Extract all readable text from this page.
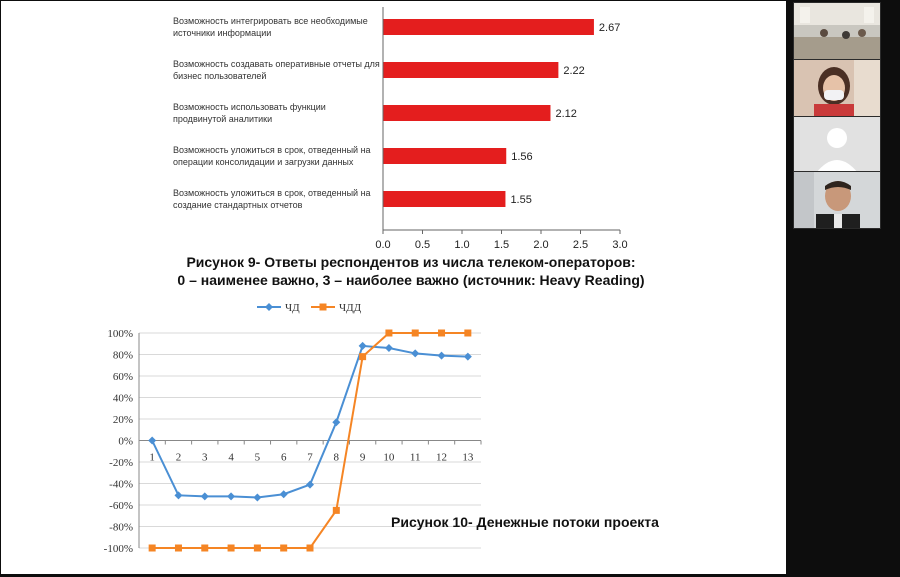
Возможность интегрировать все необходимые источники информации	2.67
Возможность создавать оперативные отчеты для бизнес пользователей	2.22
Возможность использовать функции продвинутой аналитики	2.12
Возможность уложиться в срок, отведенный на операции консолидации и загрузки данных	1.56
Возможность уложиться в срок, отведенный на создание стандартных отчетов	1.55
0.0 0.5 1.0 1.5 2.0 2.5 3.0
Рисунок 9- Ответы респондентов из числа телеком-операторов:
0 – наименее важно, 3 – наиболее важно (источник: Heavy Reading)
100%
80%
60%
40%
20%
0%
-20%
-40%
-60%
-80%
-100%
1 2 3 4 5 6 7 8 9 10 11 12 13
ЧД	ЧДД
Рисунок 10- Денежные потоки проекта
